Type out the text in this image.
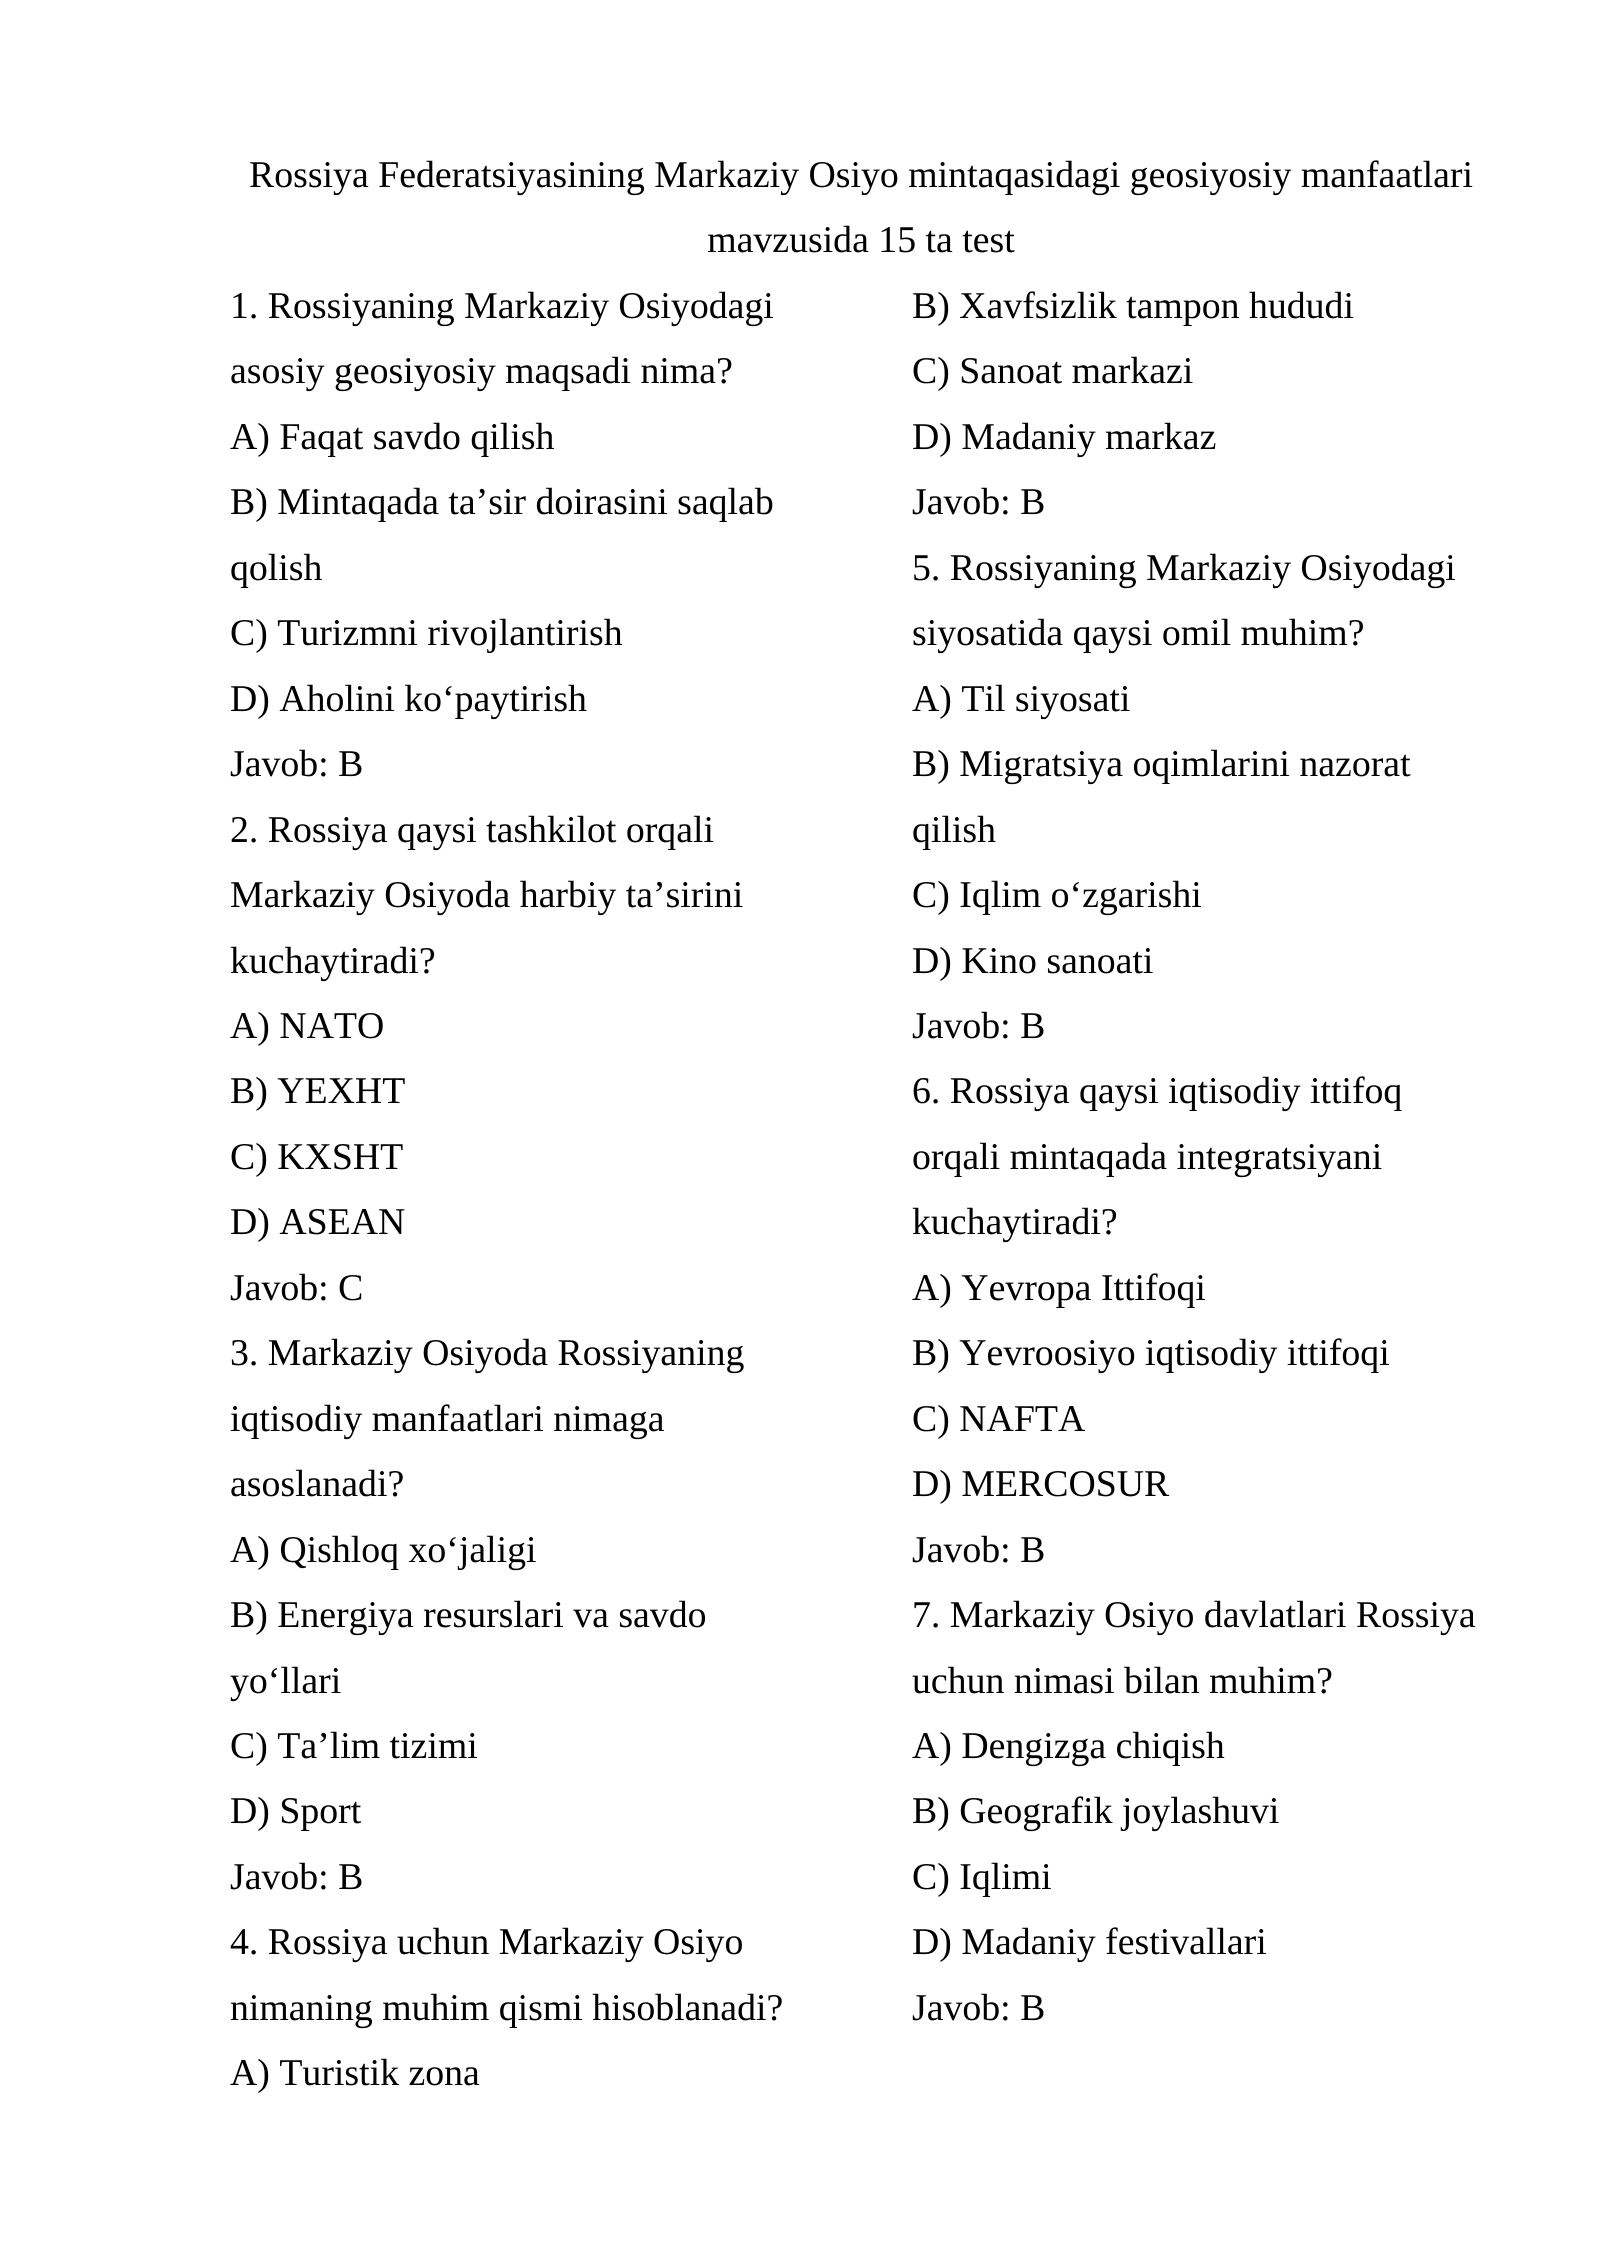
Rossiya Federatsiyasining Markaziy Osiyo mintaqasidagi geosiyosiy manfaatlari mavzusida 15 ta test
1. Rossiyaning Markaziy Osiyodagi asosiy geosiyosiy maqsadi nima?
A) Faqat savdo qilish
B) Mintaqada ta’sir doirasini saqlab qolish
C) Turizmni rivojlantirish
D) Aholini ko‘paytirish
Javob: B
2. Rossiya qaysi tashkilot orqali Markaziy Osiyoda harbiy ta’sirini kuchaytiradi?
A) NATO
B) YEXHT
C) KXSHT
D) ASEAN
Javob: C
3. Markaziy Osiyoda Rossiyaning iqtisodiy manfaatlari nimaga asoslanadi?
A) Qishloq xo‘jaligi
B) Energiya resurslari va savdo yo‘llari
C) Ta’lim tizimi
D) Sport
Javob: B
4. Rossiya uchun Markaziy Osiyo nimaning muhim qismi hisoblanadi?
A) Turistik zona
B) Xavfsizlik tampon hududi
C) Sanoat markazi
D) Madaniy markaz
Javob: B
5. Rossiyaning Markaziy Osiyodagi siyosatida qaysi omil muhim?
A) Til siyosati
B) Migratsiya oqimlarini nazorat qilish
C) Iqlim o‘zgarishi
D) Kino sanoati
Javob: B
6. Rossiya qaysi iqtisodiy ittifoq orqali mintaqada integratsiyani kuchaytiradi?
A) Yevropa Ittifoqi
B) Yevroosiyo iqtisodiy ittifoqi
C) NAFTA
D) MERCOSUR
Javob: B
7. Markaziy Osiyo davlatlari Rossiya uchun nimasi bilan muhim?
A) Dengizga chiqish
B) Geografik joylashuvi
C) Iqlimi
D) Madaniy festivallari
Javob: B
